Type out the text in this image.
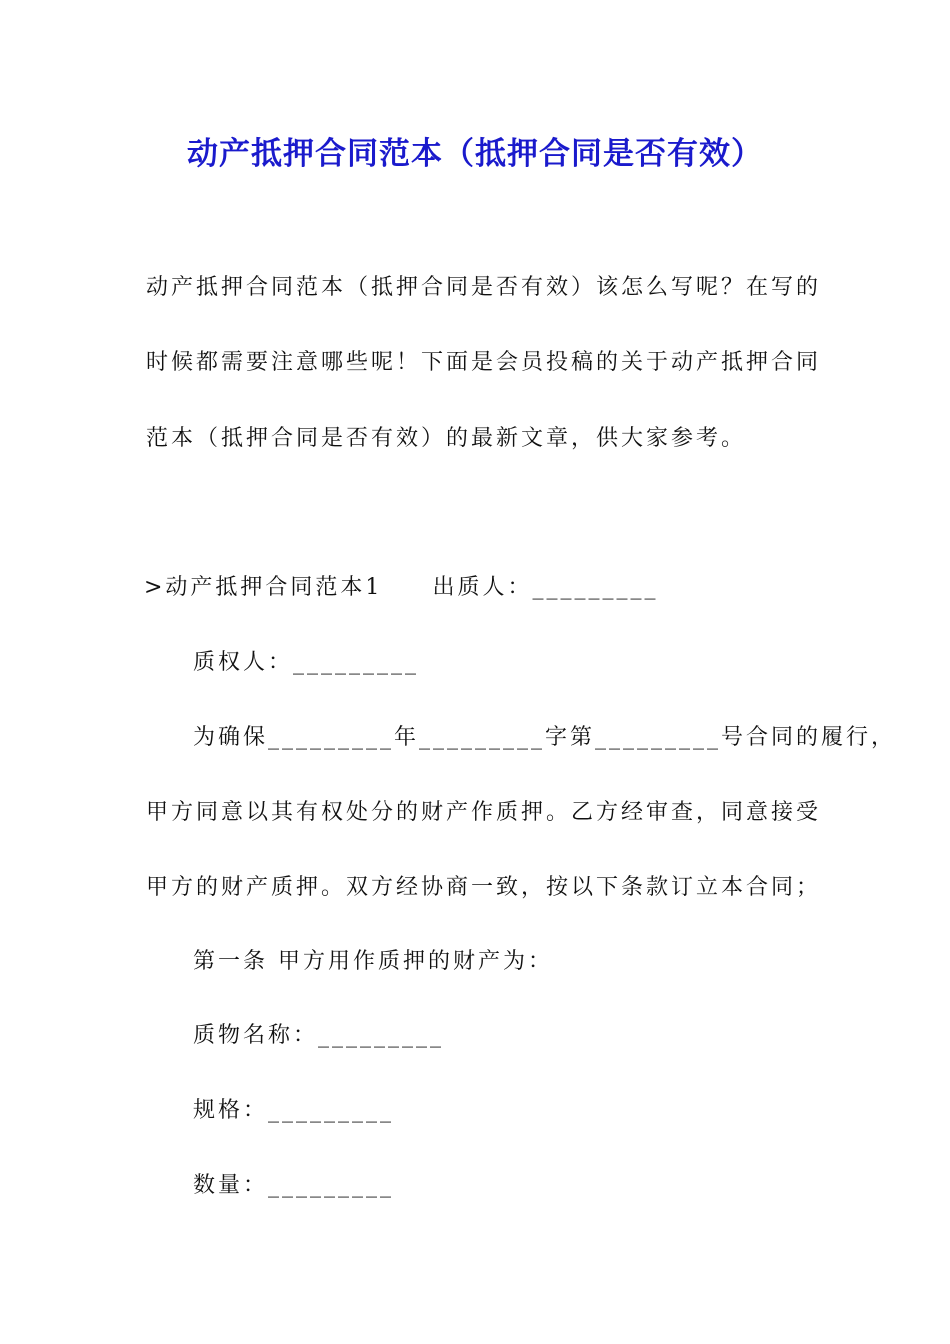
动产抵押合同范本（抵押合同是否有效）
动产抵押合同范本（抵押合同是否有效）该怎么写呢？在写的
时候都需要注意哪些呢！下面是会员投稿的关于动产抵押合同
范本（抵押合同是否有效）的最新文章，供大家参考。
>动产抵押合同范本1 出质人：_________
质权人：_________
为确保_________年_________字第_________号合同的履行，
甲方同意以其有权处分的财产作质押。乙方经审查，同意接受
甲方的财产质押。双方经协商一致，按以下条款订立本合同；
第一条 甲方用作质押的财产为：
质物名称：_________
规格：_________
数量：_________
